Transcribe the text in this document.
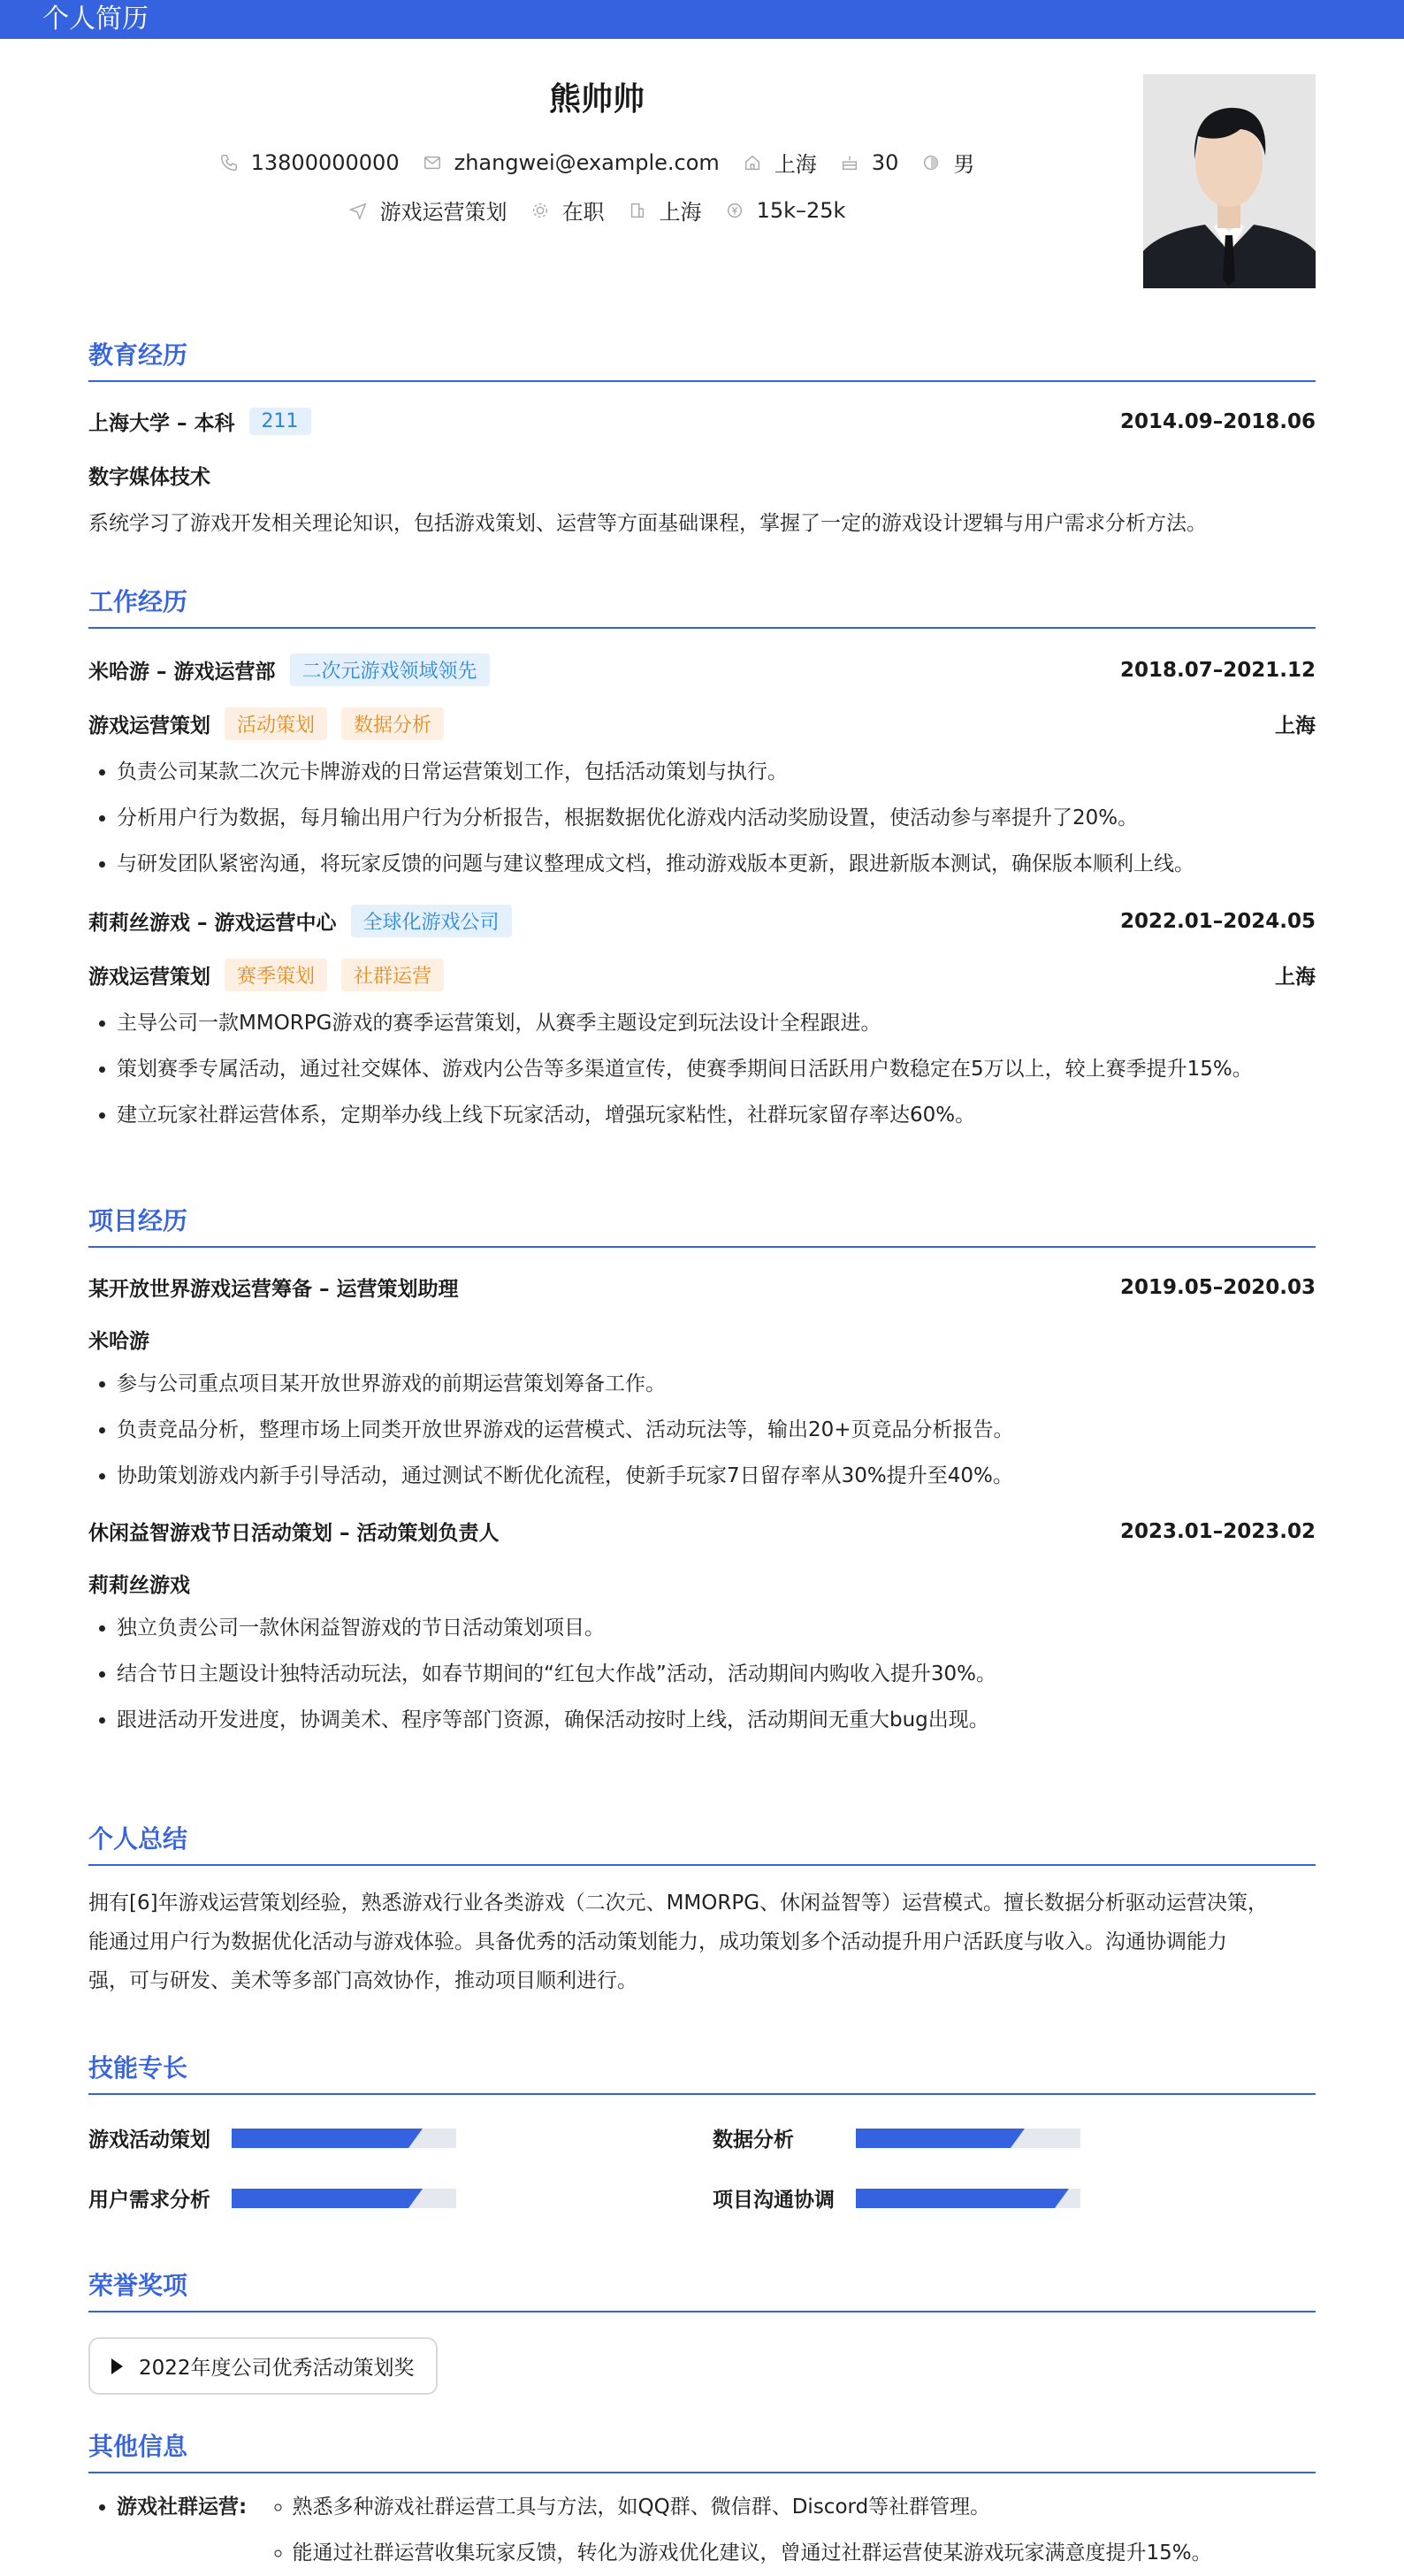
个人简历
熊帅帅
13800000000	zhangwei@example.com	上海	30	男
游戏运营策划	在职	上海	15k–25k
教育经历
上海大学 – 本科	211	2014.09–2018.06
数字媒体技术
系统学习了游戏开发相关理论知识，包括游戏策划、运营等方面基础课程，掌握了一定的游戏设计逻辑与用户需求分析方法。
工作经历
米哈游 – 游戏运营部	二次元游戏领域领先	2018.07–2021.12
游戏运营策划	活动策划	数据分析	上海
• 负责公司某款二次元卡牌游戏的日常运营策划工作，包括活动策划与执行。
• 分析用户行为数据，每月输出用户行为分析报告，根据数据优化游戏内活动奖励设置，使活动参与率提升了20%。
• 与研发团队紧密沟通，将玩家反馈的问题与建议整理成文档，推动游戏版本更新，跟进新版本测试，确保版本顺利上线。
莉莉丝游戏 – 游戏运营中心	全球化游戏公司	2022.01–2024.05
游戏运营策划	赛季策划	社群运营	上海
• 主导公司一款MMORPG游戏的赛季运营策划，从赛季主题设定到玩法设计全程跟进。
• 策划赛季专属活动，通过社交媒体、游戏内公告等多渠道宣传，使赛季期间日活跃用户数稳定在5万以上，较上赛季提升15%。
• 建立玩家社群运营体系，定期举办线上线下玩家活动，增强玩家粘性，社群玩家留存率达60%。
项目经历
某开放世界游戏运营筹备 – 运营策划助理	2019.05–2020.03
米哈游
• 参与公司重点项目某开放世界游戏的前期运营策划筹备工作。
• 负责竞品分析，整理市场上同类开放世界游戏的运营模式、活动玩法等，输出20+页竞品分析报告。
• 协助策划游戏内新手引导活动，通过测试不断优化流程，使新手玩家7日留存率从30%提升至40%。
休闲益智游戏节日活动策划 – 活动策划负责人	2023.01–2023.02
莉莉丝游戏
• 独立负责公司一款休闲益智游戏的节日活动策划项目。
• 结合节日主题设计独特活动玩法，如春节期间的“红包大作战”活动，活动期间内购收入提升30%。
• 跟进活动开发进度，协调美术、程序等部门资源，确保活动按时上线，活动期间无重大bug出现。
个人总结
拥有[6]年游戏运营策划经验，熟悉游戏行业各类游戏（二次元、MMORPG、休闲益智等）运营模式。擅长数据分析驱动运营决策，
能通过用户行为数据优化活动与游戏体验。具备优秀的活动策划能力，成功策划多个活动提升用户活跃度与收入。沟通协调能力
强，可与研发、美术等多部门高效协作，推动项目顺利进行。
技能专长
游戏活动策划	数据分析
用户需求分析	项目沟通协调
荣誉奖项
2022年度公司优秀活动策划奖
其他信息
• 游戏社群运营:
◦ 熟悉多种游戏社群运营工具与方法，如QQ群、微信群、Discord等社群管理。
◦ 能通过社群运营收集玩家反馈，转化为游戏优化建议，曾通过社群运营使某游戏玩家满意度提升15%。
